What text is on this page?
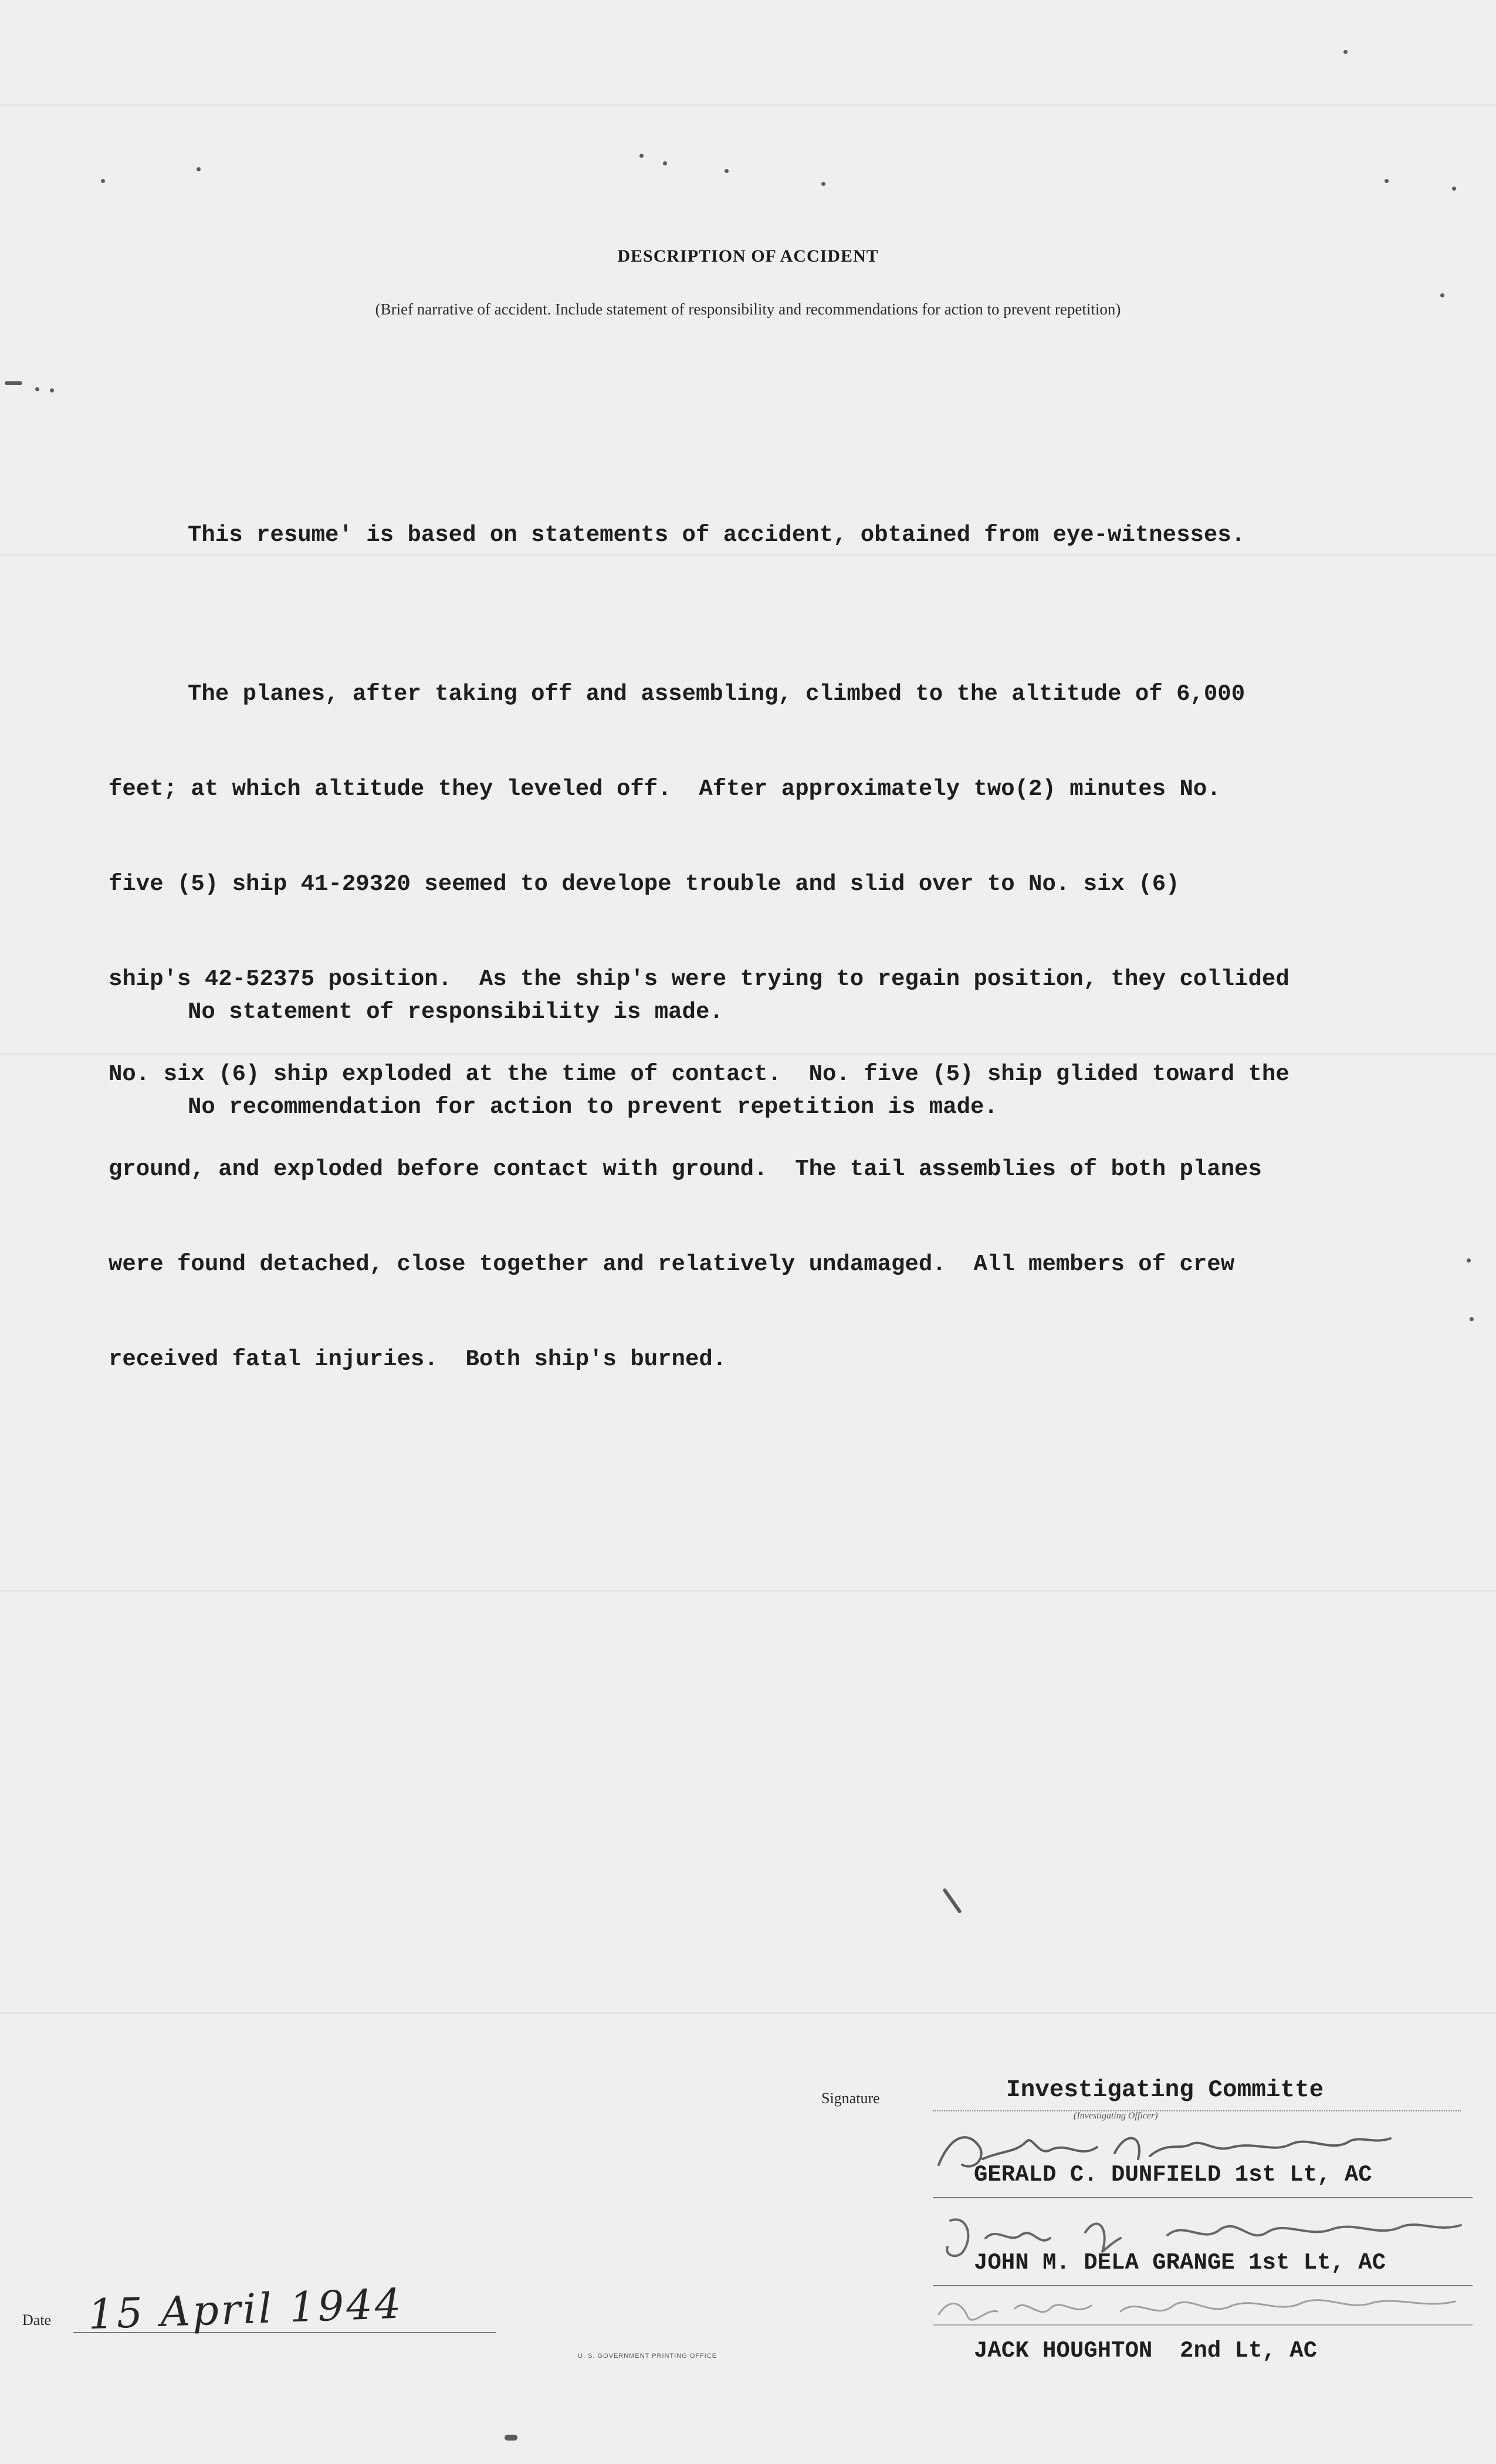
DESCRIPTION OF ACCIDENT
(Brief narrative of accident. Include statement of responsibility and recommendations for action to prevent repetition)
This resume' is based on statements of accident, obtained from eye-witnesses.

The planes, after taking off and assembling, climbed to the altitude of 6,000

feet; at which altitude they leveled off.  After approximately two(2) minutes No.

five (5) ship 41-29320 seemed to develope trouble and slid over to No. six (6)

ship's 42-52375 position.  As the ship's were trying to regain position, they collided

No. six (6) ship exploded at the time of contact.  No. five (5) ship glided toward the

ground, and exploded before contact with ground.  The tail assemblies of both planes

were found detached, close together and relatively undamaged.  All members of crew

received fatal injuries.  Both ship's burned.

No statement of responsibility is made.

No recommendation for action to prevent repetition is made.

Signature	Investigating Committe
(Investigating Officer)
GERALD C. DUNFIELD 1st Lt, AC
JOHN M. DELA GRANGE 1st Lt, AC
JACK HOUGHTON  2nd Lt, AC
Date 15 April 1944
U. S. GOVERNMENT PRINTING OFFICE
